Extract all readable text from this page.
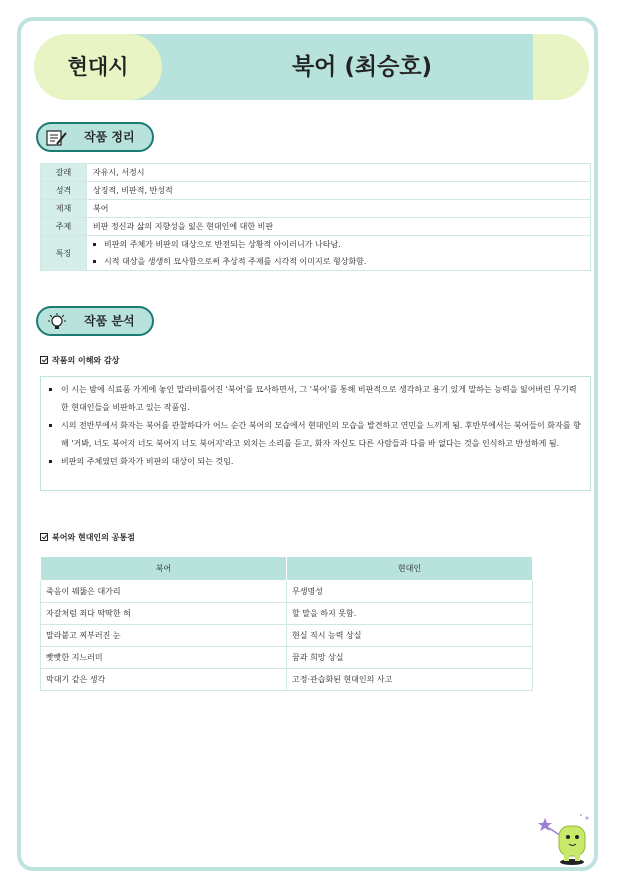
현대시	북어 (최승호)
작품 정리
갈래	자유시, 서정시
성격	상징적, 비판적, 반성적
제재	북어
주제	비판 정신과 삶의 지향성을 잃은 현대인에 대한 비판
특징	비판의 주체가 비판의 대상으로 반전되는 상황적 아이러니가 나타남.
시적 대상을 생생히 묘사함으로써 추상적 주제를 시각적 이미지로 형상화함.
작품 분석
작품의 이해와 감상
이 시는 밤에 식료품 가게에 놓인 말라비틀어진 '북어'를 묘사하면서, 그 '북어'를 통해 비판적으로 생각하고 용기 있게 말하는 능력을 잃어버린 무기력한 현대인들을 비판하고 있는 작품임.
시의 전반부에서 화자는 북어를 관찰하다가 어느 순간 북어의 모습에서 현대인의 모습을 발견하고 연민을 느끼게 됨. 후반부에서는 북어들이 화자를 향해 '거봐, 너도 북어지 너도 북어지 너도 북어지'라고 외치는 소리를 듣고, 화자 자신도 다른 사람들과 다를 바 없다는 것을 인식하고 반성하게 됨.
비판의 주체였던 화자가 비판의 대상이 되는 것임.
북어와 현대인의 공통점
북어	현대인
죽음이 꿰뚫은 대가리	무생명성
자갈처럼 죄다 딱딱한 혀	할 말을 하지 못함.
말라붙고 찌부러진 눈	현실 직시 능력 상실
빳빳한 지느러미	꿈과 희망 상실
막대기 같은 생각	고정·관습화된 현대인의 사고
